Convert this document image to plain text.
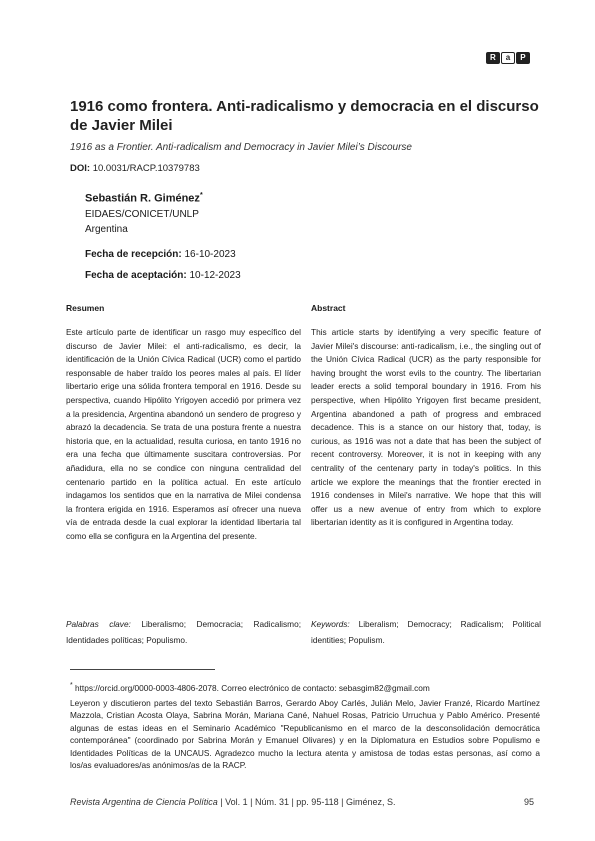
R	a	P
1916 como frontera. Anti-radicalismo y democracia en el discurso de Javier Milei
1916 as a Frontier. Anti-radicalism and Democracy in Javier Milei’s Discourse
DOI: 10.0031/RACP.10379783
Sebastián R. Giménez*
EIDAES/CONICET/UNLP
Argentina
Fecha de recepción: 16-10-2023
Fecha de aceptación: 10-12-2023
Resumen	Abstract
Este artículo parte de identificar un rasgo muy específico del discurso de Javier Milei: el anti-radicalismo, es decir, la identificación de la Unión Cívica Radical (UCR) como el partido responsable de haber traído los peores males al país. El líder libertario erige una sólida frontera temporal en 1916. Desde su perspectiva, cuando Hipólito Yrigoyen accedió por primera vez a la presidencia, Argentina abandonó un sendero de progreso y abrazó la decadencia. Se trata de una postura frente a nuestra historia que, en la actualidad, resulta curiosa, en tanto 1916 no era una fecha que últimamente suscitara controversias. Por añadidura, ella no se condice con ninguna centralidad del centenario partido en la política actual. En este artículo indagamos los sentidos que en la narrativa de Milei condensa la frontera erigida en 1916. Esperamos así ofrecer una nueva vía de entrada desde la cual explorar la identidad libertaria tal como ella se configura en la Argentina del presente.
This article starts by identifying a very specific feature of Javier Milei's discourse: anti-radicalism, i.e., the singling out of the Unión Cívica Radical (UCR) as the party responsible for having brought the worst evils to the country. The libertarian leader erects a solid temporal boundary in 1916. From his perspective, when Hipólito Yrigoyen first became president, Argentina abandoned a path of progress and embraced decadence. This is a stance on our history that, today, is curious, as 1916 was not a date that has been the subject of recent controversy. Moreover, it is not in keeping with any centrality of the centenary party in today's politics. In this article we explore the meanings that the frontier erected in 1916 condenses in Milei's narrative. We hope that this will offer us a new avenue of entry from which to explore libertarian identity as it is configured in Argentina today.
Palabras clave: Liberalismo; Democracia; Radicalismo; Identidades políticas; Populismo.
Keywords: Liberalism; Democracy; Radicalism; Political identities; Populism.
* https://orcid.org/0000-0003-4806-2078. Correo electrónico de contacto: sebasgim82@gmail.com
Leyeron y discutieron partes del texto Sebastián Barros, Gerardo Aboy Carlés, Julián Melo, Javier Franzé, Ricardo Martínez Mazzola, Cristian Acosta Olaya, Sabrina Morán, Mariana Cané, Nahuel Rosas, Patricio Urruchua y Pablo Américo. Presenté algunas de estas ideas en el Seminario Académico "Republicanismo en el marco de la desconsolidación democrática contemporánea" (coordinado por Sabrina Morán y Emanuel Olivares) y en la Diplomatura en Estudios sobre Populismo e Identidades Políticas de la UNCAUS. Agradezco mucho la lectura atenta y amistosa de todas estas personas, así como a los/as evaluadores/as anónimos/as de la RACP.
Revista Argentina de Ciencia Política | Vol. 1 | Núm. 31 | pp. 95-118 | Giménez, S.	95
